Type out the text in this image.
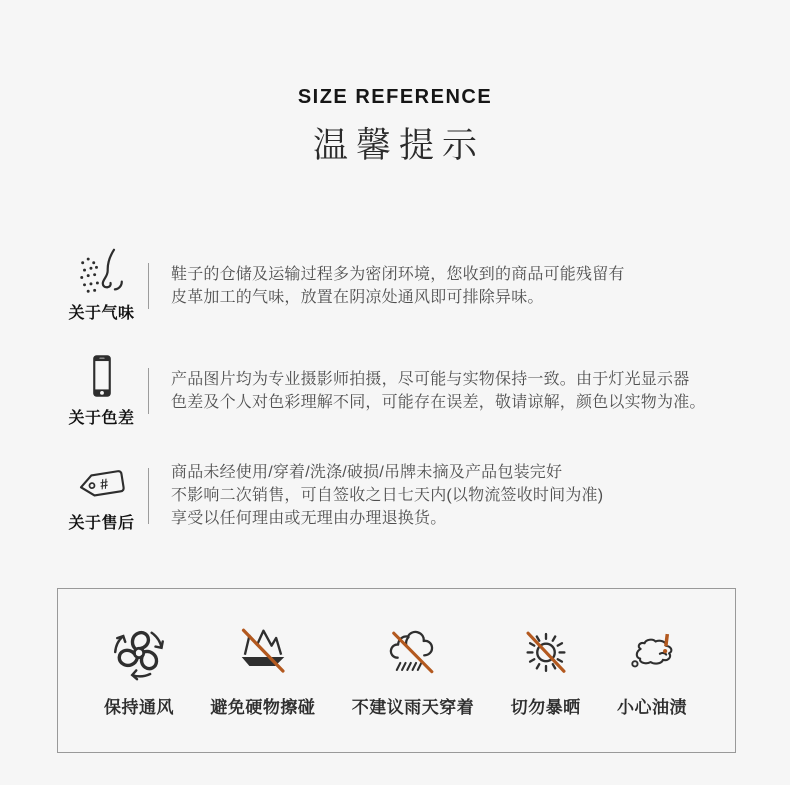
SIZE REFERENCE
温馨提示
关于气味
鞋子的仓储及运输过程多为密闭环境，您收到的商品可能残留有
皮革加工的气味，放置在阴凉处通风即可排除异味。
关于色差
产品图片均为专业摄影师拍摄，尽可能与实物保持一致。由于灯光显示器
色差及个人对色彩理解不同，可能存在误差，敬请谅解，颜色以实物为准。
#
关于售后
商品未经使用/穿着/洗涤/破损/吊牌未摘及产品包装完好
不影响二次销售，可自签收之日七天内(以物流签收时间为准)
享受以任何理由或无理由办理退换货。
保持通风 避免硬物擦碰 不建议雨天穿着 切勿暴晒 小心油渍
